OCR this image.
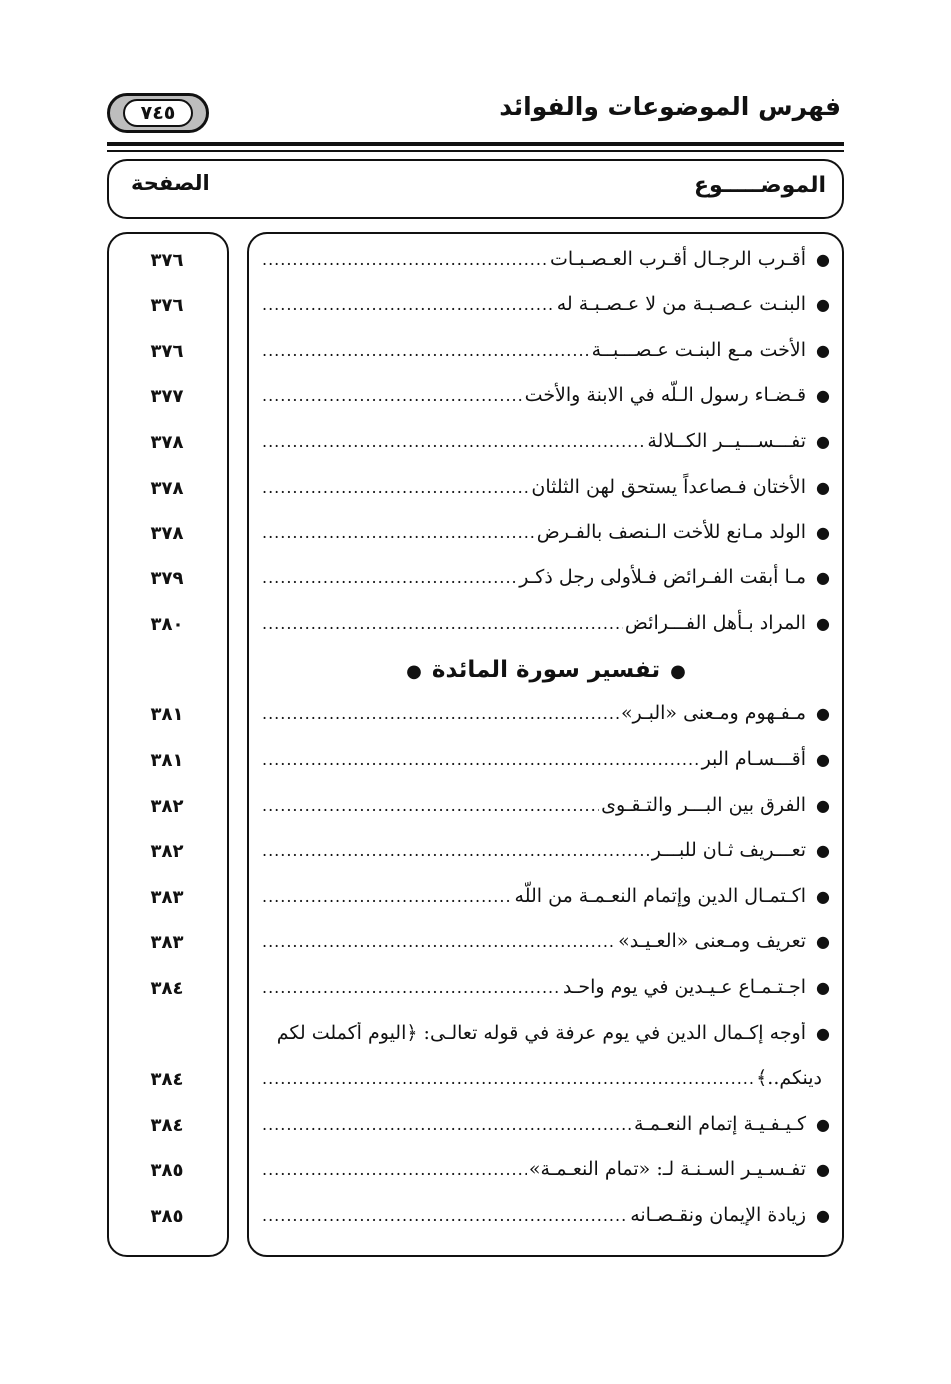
فهرس الموضوعات والفوائد
٧٤٥
الموضـــــوع
الصفحة
●
أقـرب الرجـال أقـرب العـصـبـات
.....
٣٧٦
●
البنـت عـصـبـة من لا عـصـبـة له
.....
٣٧٦
●
الأخت مـع البنـت عـصـــبــة
.....
٣٧٦
●
قـضـاء رسول الـلّه في الابنة والأخت
.....
٣٧٧
●
تفـــســـيــر الكــلالة
.....
٣٧٨
●
الأختان فـصاعداً يستحق لهن الثلثان
.....
٣٧٨
●
الولد مـانع للأخت الـنصف بالفـرض
.....
٣٧٨
●
مـا أبقت الفـرائض فـلأولى رجل ذكـر
.....
٣٧٩
●
المراد بـأهل الفـــرائض
.....
٣٨٠
●تفسير سورة المائدة●
●
مـفـهوم ومـعنى «البـر»
.....
٣٨١
●
أقـــسـام البر
.....
٣٨١
●
الفرق بين البـــر والتـقـوى
.....
٣٨٢
●
تعـــريف ثـان للبـــر
.....
٣٨٢
●
اكـتمـال الدين وإتمام النعـمـة من اللّه
.....
٣٨٣
●
تعريف ومـعنى «العـيـد»
.....
٣٨٣
●
اجـتـمـاع عـيـدين في يوم واحـد
.....
٣٨٤
●أوجه إكـمال الدين في يوم عرفة في قوله تعالـى: ﴿اليوم أكملت لكم
دينكم..﴾
.....
٣٨٤
●
كـيـفـيـة إتمام النعـمـة
.....
٣٨٤
●
تفـسـيـر السـنـة لـ: «تمام النعـمـة»
.....
٣٨٥
●
زيادة الإيمان ونقـصـانه
.....
٣٨٥
